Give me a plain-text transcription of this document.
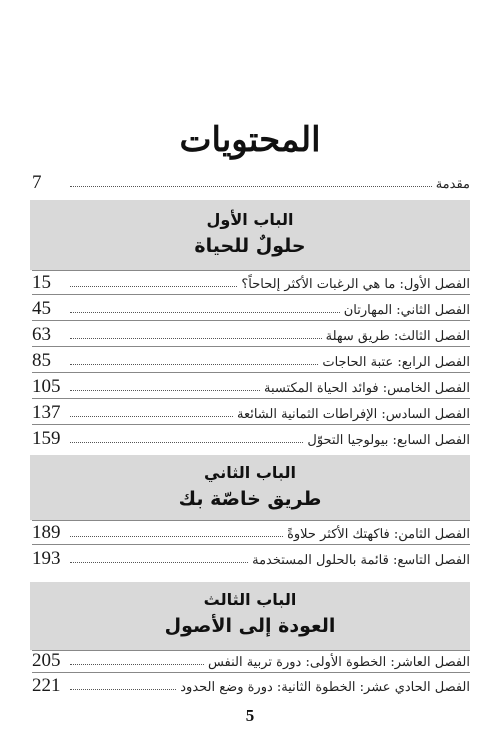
المحتويات
مقدمة
7
الباب الأول
حلولٌ للحياة
الفصل الأول: ما هي الرغبات الأكثر إلحاحاً؟
15
الفصل الثاني: المهارتان
45
الفصل الثالث: طريق سهلة
63
الفصل الرابع: عتبة الحاجات
85
الفصل الخامس: فوائد الحياة المكتسبة
105
الفصل السادس: الإفراطات الثمانية الشائعة
137
الفصل السابع: بيولوجيا التحوّل
159
الباب الثاني
طريق خاصّة بك
الفصل الثامن: فاكهتك الأكثر حلاوةً
189
الفصل التاسع: قائمة بالحلول المستخدمة
193
الباب الثالث
العودة إلى الأصول
الفصل العاشر: الخطوة الأولى: دورة تربية النفس
205
الفصل الحادي عشر: الخطوة الثانية: دورة وضع الحدود
221
5
